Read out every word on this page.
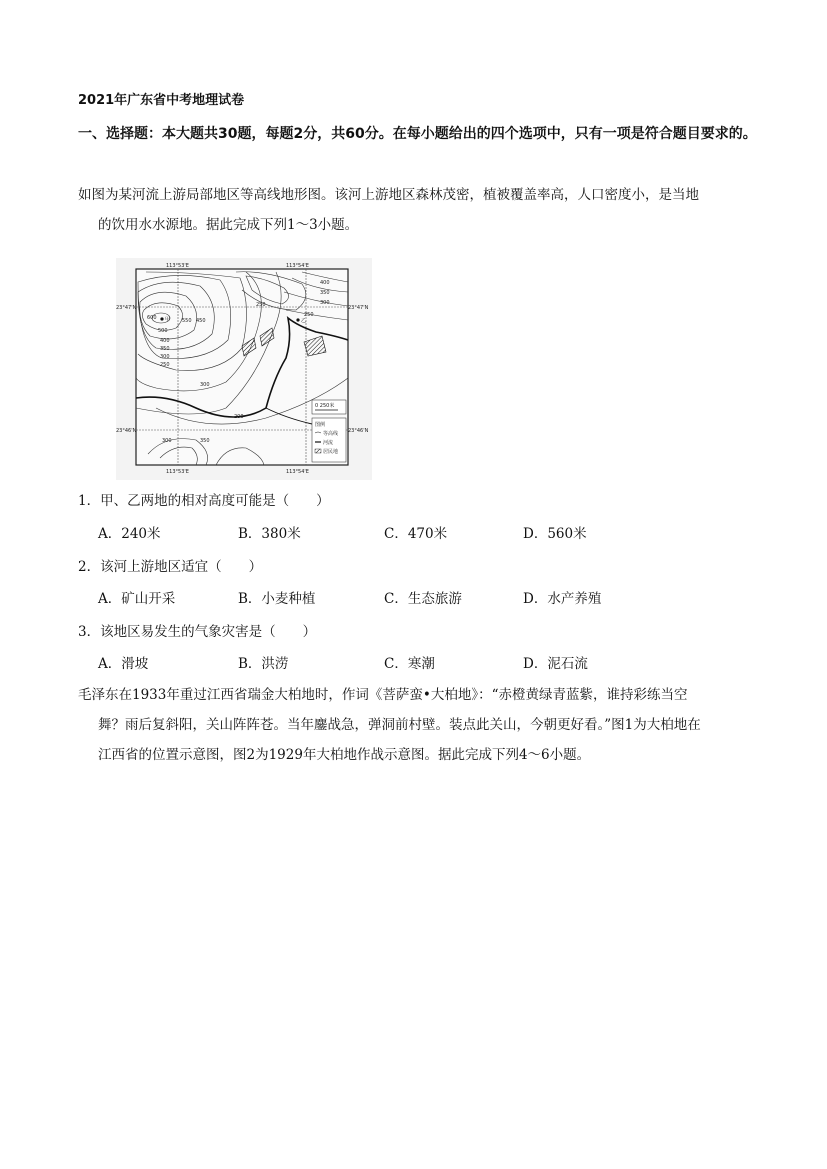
2021年广东省中考地理试卷
一、选择题：本大题共30题，每题2分，共60分。在每小题给出的四个选项中，只有一项是符合题目要求的。
如图为某河流上游局部地区等高线地形图。该河上游地区森林茂密，植被覆盖率高，人口密度小，是当地
的饮用水水源地。据此完成下列1～3小题。
113°53'E	113°54'E
113°53'E	113°54'E
23°47'N	23°47'N
23°46'N	23°46'N
甲	乙
600	550 450
500
400
350
300
250
250
400
350
300
250
200
300
350
300
0 250米
图例
等高线
河流
居民地
1．甲、乙两地的相对高度可能是（　　）
A．240米	B．380米	C．470米	D．560米
2．该河上游地区适宜（　　）
A．矿山开采	B．小麦种植	C．生态旅游	D．水产养殖
3．该地区易发生的气象灾害是（　　）
A．滑坡	B．洪涝	C．寒潮	D．泥石流
毛泽东在1933年重过江西省瑞金大柏地时，作词《菩萨蛮•大柏地》：“赤橙黄绿青蓝紫，谁持彩练当空
舞？雨后复斜阳，关山阵阵苍。当年鏖战急，弹洞前村壁。装点此关山，今朝更好看。”图1为大柏地在
江西省的位置示意图，图2为1929年大柏地作战示意图。据此完成下列4～6小题。
